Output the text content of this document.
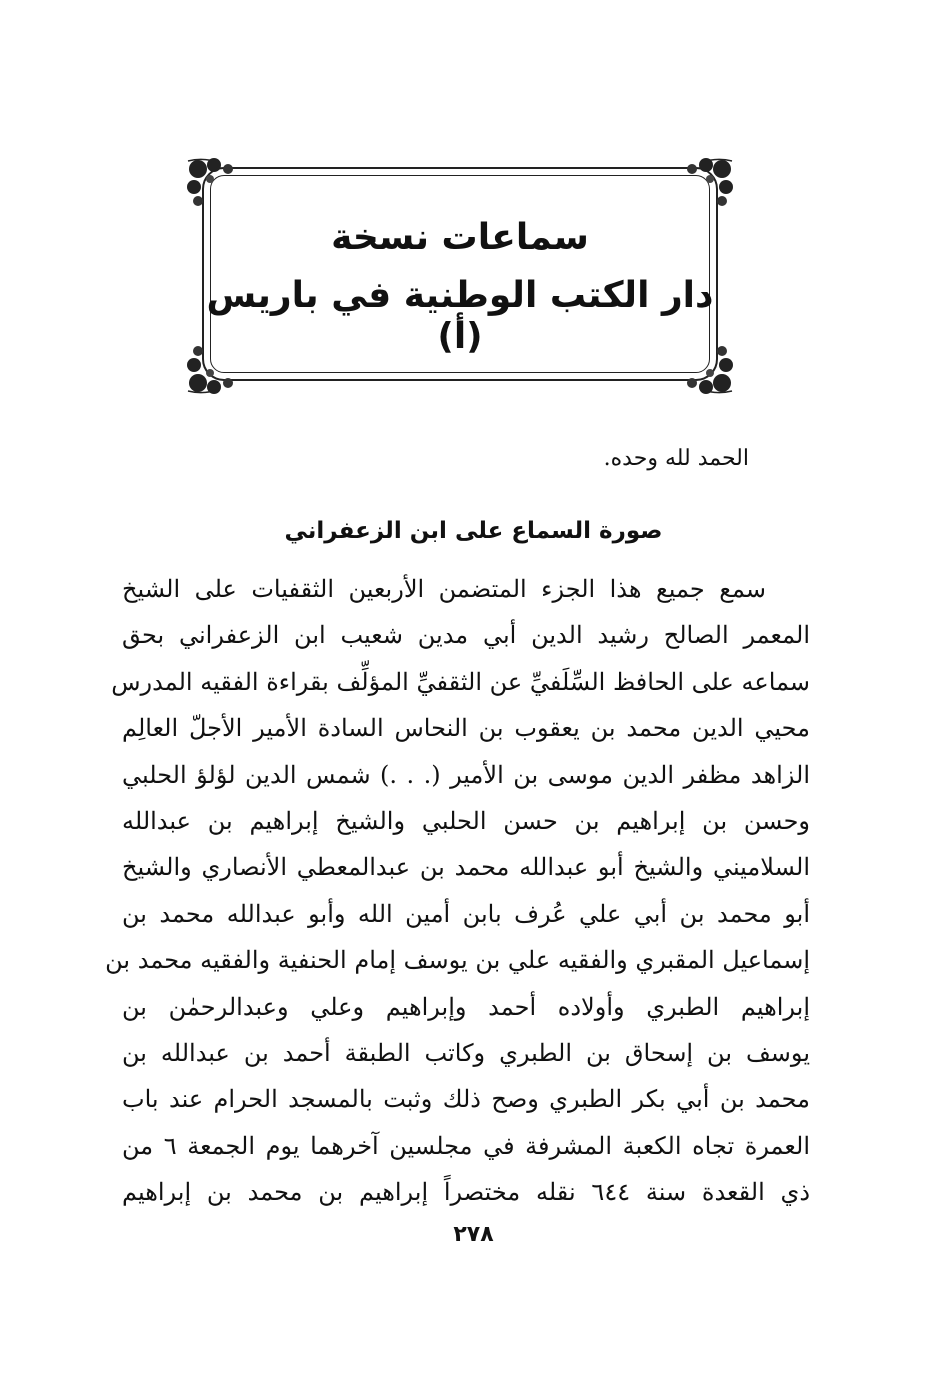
سماعات نسخة
دار الكتب الوطنية في باريس (أ)
الحمد لله وحده.
صورة السماع على ابن الزعفراني
سمع جميع هذا الجزء المتضمن الأربعين الثقفيات على الشيخ
المعمر الصالح رشيد الدين أبي مدين شعيب ابن الزعفراني بحق
سماعه على الحافظ السِّلَفيِّ عن الثقفيِّ المؤلِّف بقراءة الفقيه المدرس
محيي الدين محمد بن يعقوب بن النحاس السادة الأمير الأجلّ العالِم
الزاهد مظفر الدين موسى بن الأمير (. . .) شمس الدين لؤلؤ الحلبي
وحسن بن إبراهيم بن حسن الحلبي والشيخ إبراهيم بن عبدالله
السلاميني والشيخ أبو عبدالله محمد بن عبدالمعطي الأنصاري والشيخ
أبو محمد بن أبي علي عُرف بابن أمين الله وأبو عبدالله محمد بن
إسماعيل المقبري والفقيه علي بن يوسف إمام الحنفية والفقيه محمد بن
إبراهيم الطبري وأولاده أحمد وإبراهيم وعلي وعبدالرحمٰن بن
يوسف بن إسحاق بن الطبري وكاتب الطبقة أحمد بن عبدالله بن
محمد بن أبي بكر الطبري وصح ذلك وثبت بالمسجد الحرام عند باب
العمرة تجاه الكعبة المشرفة في مجلسين آخرهما يوم الجمعة ٦ من
ذي القعدة سنة ٦٤٤ نقله مختصراً إبراهيم بن محمد بن إبراهيم
٢٧٨
